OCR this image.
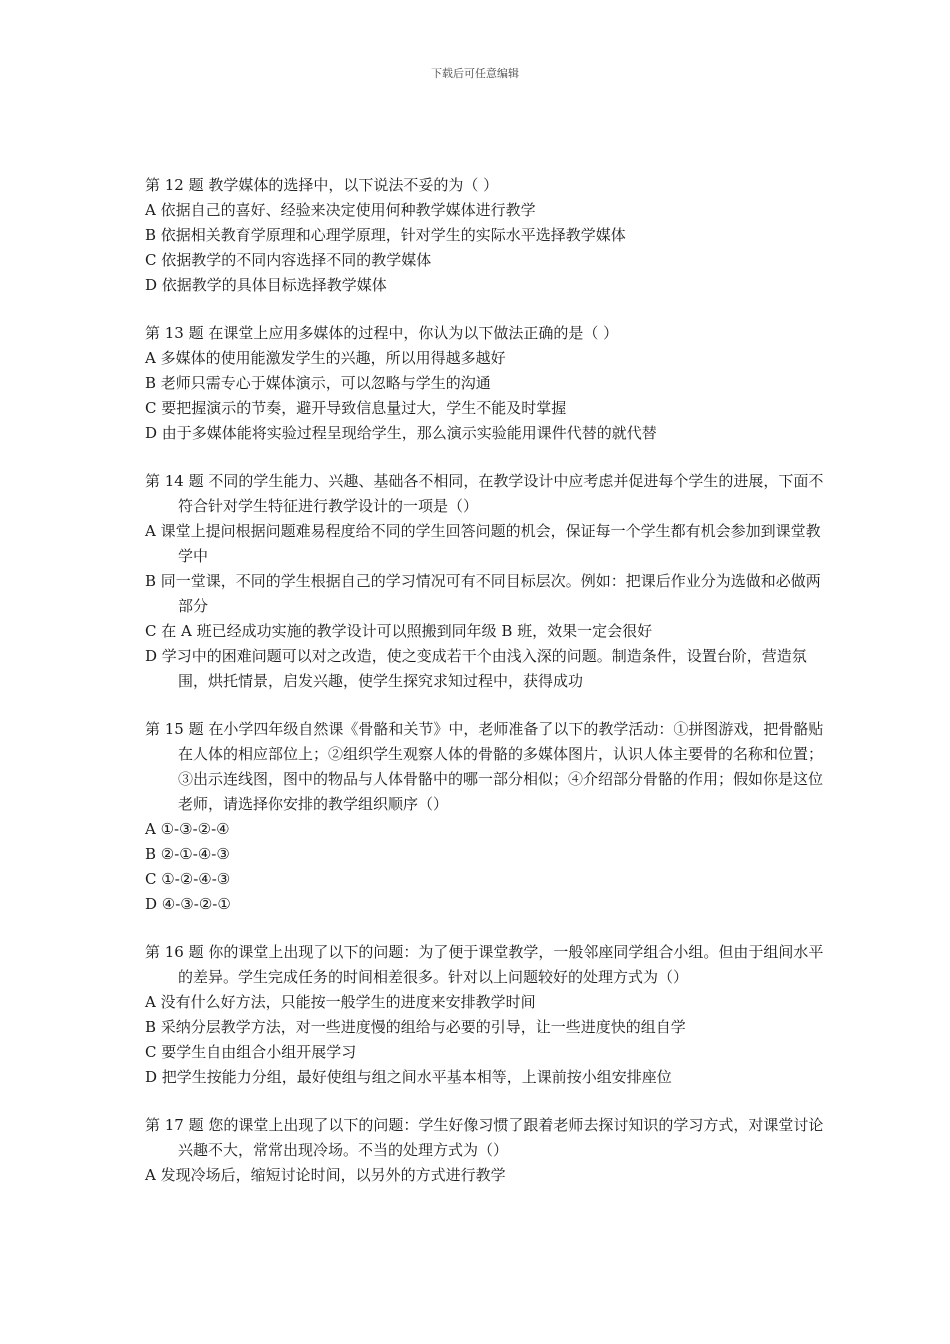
下载后可任意编辑

第 12 题 教学媒体的选择中，以下说法不妥的为（ ）

A 依据自己的喜好、经验来决定使用何种教学媒体进行教学

B 依据相关教育学原理和心理学原理，针对学生的实际水平选择教学媒体

C 依据教学的不同内容选择不同的教学媒体

D 依据教学的具体目标选择教学媒体

第 13 题 在课堂上应用多媒体的过程中，你认为以下做法正确的是（ ）

A 多媒体的使用能激发学生的兴趣，所以用得越多越好

B 老师只需专心于媒体演示，可以忽略与学生的沟通

C 要把握演示的节奏，避开导致信息量过大，学生不能及时掌握

D 由于多媒体能将实验过程呈现给学生，那么演示实验能用课件代替的就代替

第 14 题 不同的学生能力、兴趣、基础各不相同，在教学设计中应考虑并促进每个学生的进展，下面不符合针对学生特征进行教学设计的一项是（）

A 课堂上提问根据问题难易程度给不同的学生回答问题的机会，保证每一个学生都有机会参加到课堂教学中

B 同一堂课，不同的学生根据自己的学习情况可有不同目标层次。例如：把课后作业分为选做和必做两部分

C 在 A 班已经成功实施的教学设计可以照搬到同年级 B 班，效果一定会很好

D 学习中的困难问题可以对之改造，使之变成若干个由浅入深的问题。制造条件，设置台阶，营造氛围，烘托情景，启发兴趣，使学生探究求知过程中，获得成功

第 15 题 在小学四年级自然课《骨骼和关节》中，老师准备了以下的教学活动：①拼图游戏，把骨骼贴在人体的相应部位上；②组织学生观察人体的骨骼的多媒体图片，认识人体主要骨的名称和位置；③出示连线图，图中的物品与人体骨骼中的哪一部分相似；④介绍部分骨骼的作用；假如你是这位老师，请选择你安排的教学组织顺序（）

A ①-③-②-④

B ②-①-④-③

C ①-②-④-③

D ④-③-②-①

第 16 题 你的课堂上出现了以下的问题：为了便于课堂教学，一般邻座同学组合小组。但由于组间水平的差异。学生完成任务的时间相差很多。针对以上问题较好的处理方式为（）

A 没有什么好方法，只能按一般学生的进度来安排教学时间

B 采纳分层教学方法，对一些进度慢的组给与必要的引导，让一些进度快的组自学

C 要学生自由组合小组开展学习

D 把学生按能力分组，最好使组与组之间水平基本相等，上课前按小组安排座位

第 17 题 您的课堂上出现了以下的问题：学生好像习惯了跟着老师去探讨知识的学习方式，对课堂讨论兴趣不大，常常出现冷场。不当的处理方式为（）

A 发现冷场后，缩短讨论时间，以另外的方式进行教学
